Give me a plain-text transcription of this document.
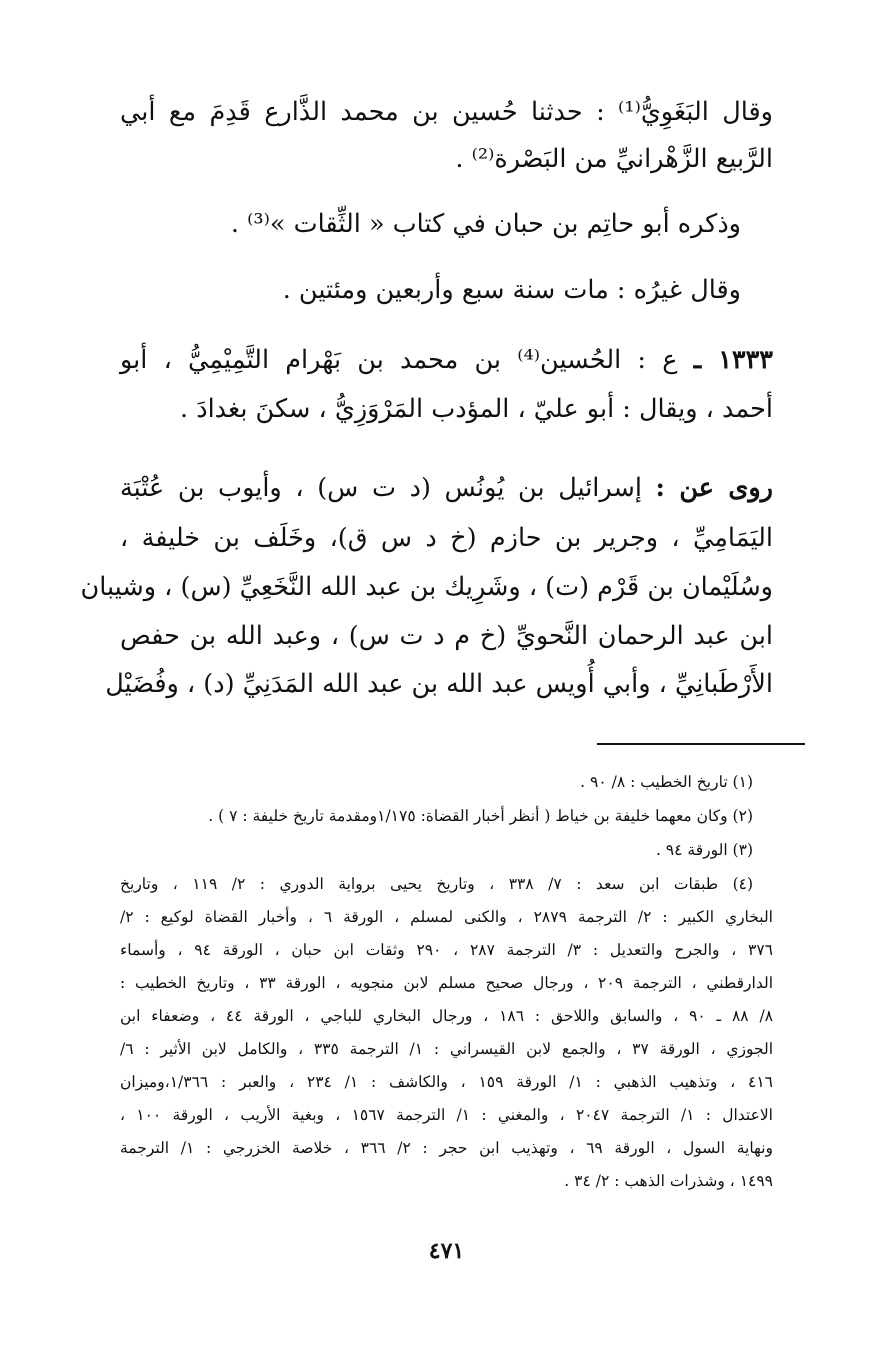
وقال البَغَوِيُّ⁽¹⁾ : حدثنا حُسين بن محمد الذَّارع قَدِمَ مع أبي
الرَّبيع الزَّهْرانيِّ من البَصْرة⁽²⁾ .
وذكره أبو حاتِم بن حبان في كتاب « الثِّقات »⁽³⁾ .
وقال غيرُه : مات سنة سبع وأربعين ومئتين .
١٣٣٣ ـ ع : الحُسين⁽⁴⁾ بن محمد بن بَهْرام التَّمِيْمِيُّ ، أبو
أحمد ، ويقال : أبو عليّ ، المؤدب المَرْوَزِيُّ ، سكنَ بغدادَ .
روى عن : إسرائيل بن يُونُس (د ت س) ، وأيوب بن عُتْبَة
اليَمَامِيِّ ، وجرير بن حازم (خ د س ق)، وخَلَف بن خليفة ،
وسُلَيْمان بن قَرْم (ت) ، وشَرِيك بن عبد الله النَّخَعِيِّ (س) ، وشيبان
ابن عبد الرحمان النَّحويِّ (خ م د ت س) ، وعبد الله بن حفص
الأَرْطَبانِيِّ ، وأبي أُويس عبد الله بن عبد الله المَدَنِيِّ (د) ، وفُضَيْل
(١) تاريخ الخطيب : ٨/ ٩٠ .
(٢) وكان معهما خليفة بن خياط ( أنظر أخبار القضاة: ١/١٧٥ومقدمة تاريخ خليفة : ٧ ) .
(٣) الورقة ٩٤ .
(٤) طبقات ابن سعد : ٧/ ٣٣٨ ، وتاريخ يحيى برواية الدوري : ٢/ ١١٩ ، وتاريخ
البخاري الكبير : ٢/ الترجمة ٢٨٧٩ ، والكنى لمسلم ، الورقة ٦ ، وأخبار القضاة لوكيع : ٢/
٣٧٦ ، والجرح والتعديل : ٣/ الترجمة ٢٨٧ ، ٢٩٠ وثقات ابن حبان ، الورقة ٩٤ ، وأسماء
الدارقطني ، الترجمة ٢٠٩ ، ورجال صحيح مسلم لابن منجويه ، الورقة ٣٣ ، وتاريخ الخطيب :
٨/ ٨٨ ـ ٩٠ ، والسابق واللاحق : ١٨٦ ، ورجال البخاري للباجي ، الورقة ٤٤ ، وضعفاء ابن
الجوزي ، الورقة ٣٧ ، والجمع لابن القيسراني : ١/ الترجمة ٣٣٥ ، والكامل لابن الأثير : ٦/
٤١٦ ، وتذهيب الذهبي : ١/ الورقة ١٥٩ ، والكاشف : ١/ ٢٣٤ ، والعبر : ١/٣٦٦،وميزان
الاعتدال : ١/ الترجمة ٢٠٤٧ ، والمغني : ١/ الترجمة ١٥٦٧ ، وبغية الأريب ، الورقة ١٠٠ ،
ونهاية السول ، الورقة ٦٩ ، وتهذيب ابن حجر : ٢/ ٣٦٦ ، خلاصة الخزرجي : ١/ الترجمة
١٤٩٩ ، وشذرات الذهب : ٢/ ٣٤ .
٤٧١
